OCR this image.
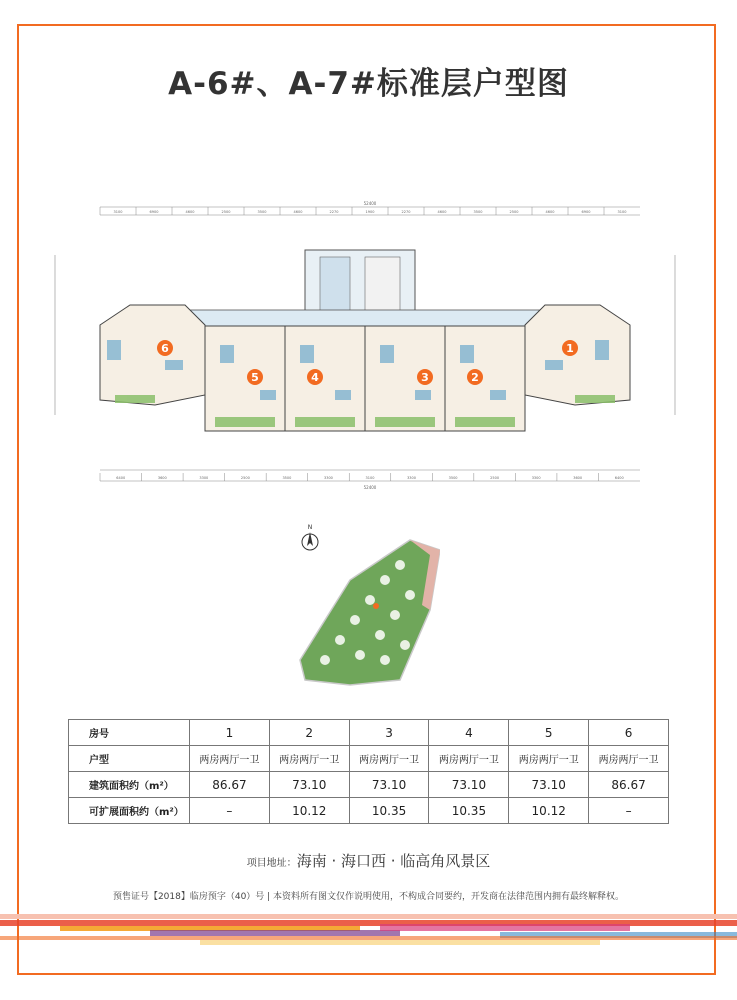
A-6#、A-7#标准层户型图
52400
3100	6900	4600	2500	3500	4600	2270	1900	2270	4600	3500	2500	4600	6900	3100
52400
6400	3600	3300	2500	3500	3300	3100	3300	3500	2500	3300	3600	6400
6
5	4	3	2
1
N
房号	1	2	3	4	5	6
户型	两房两厅一卫	两房两厅一卫	两房两厅一卫	两房两厅一卫	两房两厅一卫	两房两厅一卫
建筑面积约（m²）	86.67	73.10	73.10	73.10	73.10	86.67
可扩展面积约（m²）	–	10.12	10.35	10.35	10.12	–
项目地址：海南 · 海口西 · 临高角风景区
预售证号【2018】临房预字（40）号 | 本资料所有图文仅作说明使用，不构成合同要约，开发商在法律范围内拥有最终解释权。
